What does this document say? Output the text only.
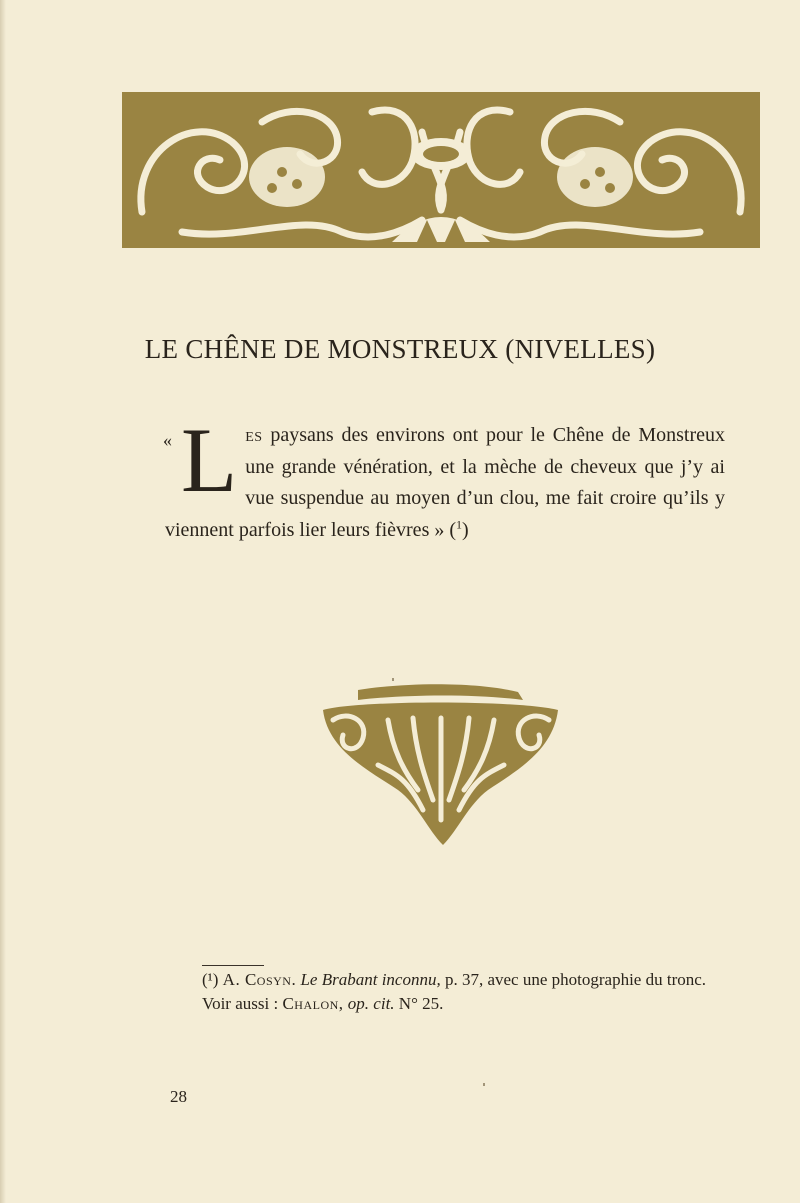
LE CHÊNE DE MONSTREUX (NIVELLES)
« L es paysans des environs ont pour le Chêne de Monstreux une grande vénération, et la mèche de cheveux que j’y ai vue suspendue au moyen d’un clou, me fait croire qu’ils y viennent parfois lier leurs fièvres » ($^1$)
(¹) A. Cosyn. Le Brabant inconnu, p. 37, avec une photographie du tronc.
Voir aussi : Chalon, op. cit. N° 25.
28
